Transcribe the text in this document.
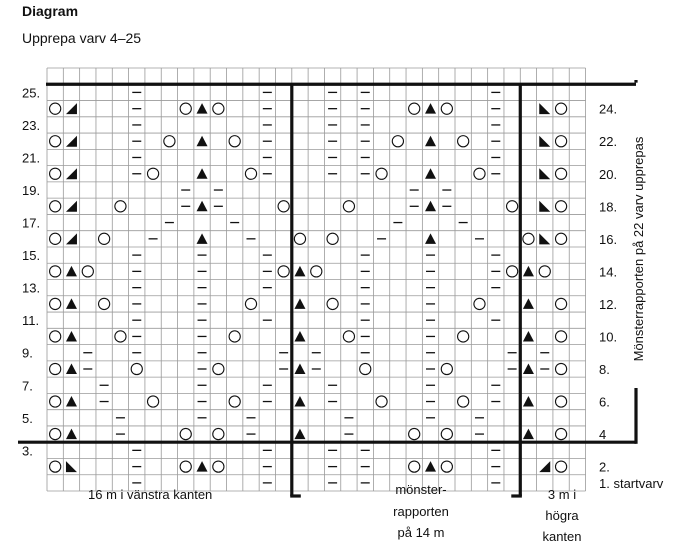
Diagram
Upprepa varv 4–25
25.
23.
21.
19.
17.
15.
13.
11.
9.
7.
5.
3.
24.
22.
20.
18.
16.
14.
12.
10.
8.
6.
4
2.
1. startvarv
16 m i vänstra kanten	mönster-
rapporten
på 14 m
3 m i
högra
kanten
Mönsterrapporten på 22 varv upprepas
